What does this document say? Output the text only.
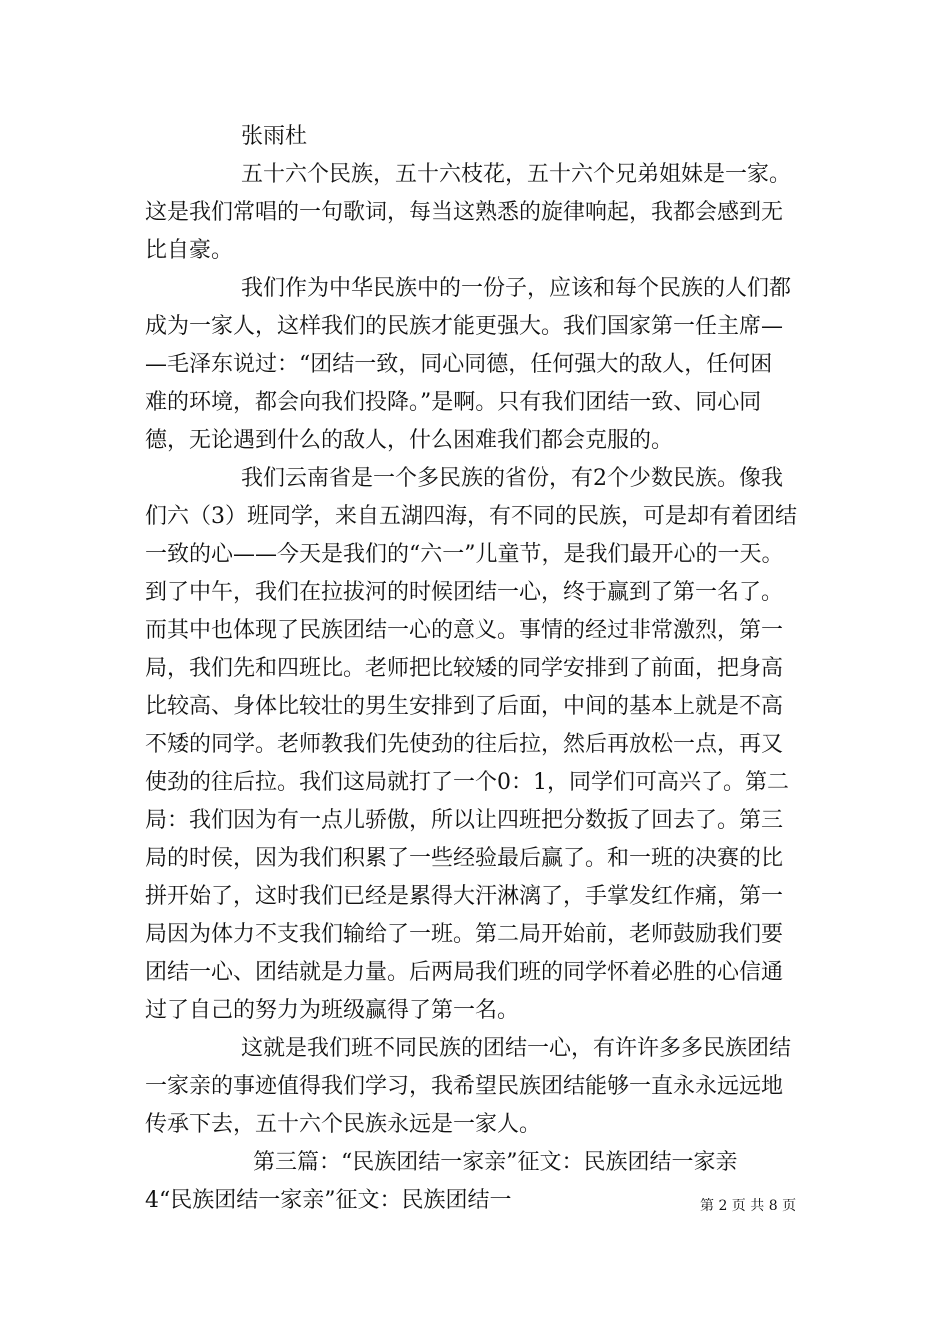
张雨杜
五十六个民族，五十六枝花，五十六个兄弟姐妹是一家。
这是我们常唱的一句歌词，每当这熟悉的旋律响起，我都会感到无
比自豪。
我们作为中华民族中的一份子，应该和每个民族的人们都
成为一家人，这样我们的民族才能更强大。我们国家第一任主席—
—毛泽东说过：“团结一致，同心同德，任何强大的敌人，任何困
难的环境，都会向我们投降。”是啊。只有我们团结一致、同心同
德，无论遇到什么的敌人，什么困难我们都会克服的。
我们云南省是一个多民族的省份，有2个少数民族。像我
们六（3）班同学，来自五湖四海，有不同的民族，可是却有着团结
一致的心——今天是我们的“六一”儿童节，是我们最开心的一天。
到了中午，我们在拉拔河的时候团结一心，终于赢到了第一名了。
而其中也体现了民族团结一心的意义。事情的经过非常激烈，第一
局，我们先和四班比。老师把比较矮的同学安排到了前面，把身高
比较高、身体比较壮的男生安排到了后面，中间的基本上就是不高
不矮的同学。老师教我们先使劲的往后拉，然后再放松一点，再又
使劲的往后拉。我们这局就打了一个0：1，同学们可高兴了。第二
局：我们因为有一点儿骄傲，所以让四班把分数扳了回去了。第三
局的时侯，因为我们积累了一些经验最后赢了。和一班的决赛的比
拼开始了，这时我们已经是累得大汗淋漓了，手掌发红作痛，第一
局因为体力不支我们输给了一班。第二局开始前，老师鼓励我们要
团结一心、团结就是力量。后两局我们班的同学怀着必胜的心信通
过了自己的努力为班级赢得了第一名。
这就是我们班不同民族的团结一心，有许许多多民族团结
一家亲的事迹值得我们学习，我希望民族团结能够一直永永远远地
传承下去，五十六个民族永远是一家人。
第三篇：“民族团结一家亲”征文：民族团结一家亲
4“民族团结一家亲”征文：民族团结一	第 2 页 共 8 页
